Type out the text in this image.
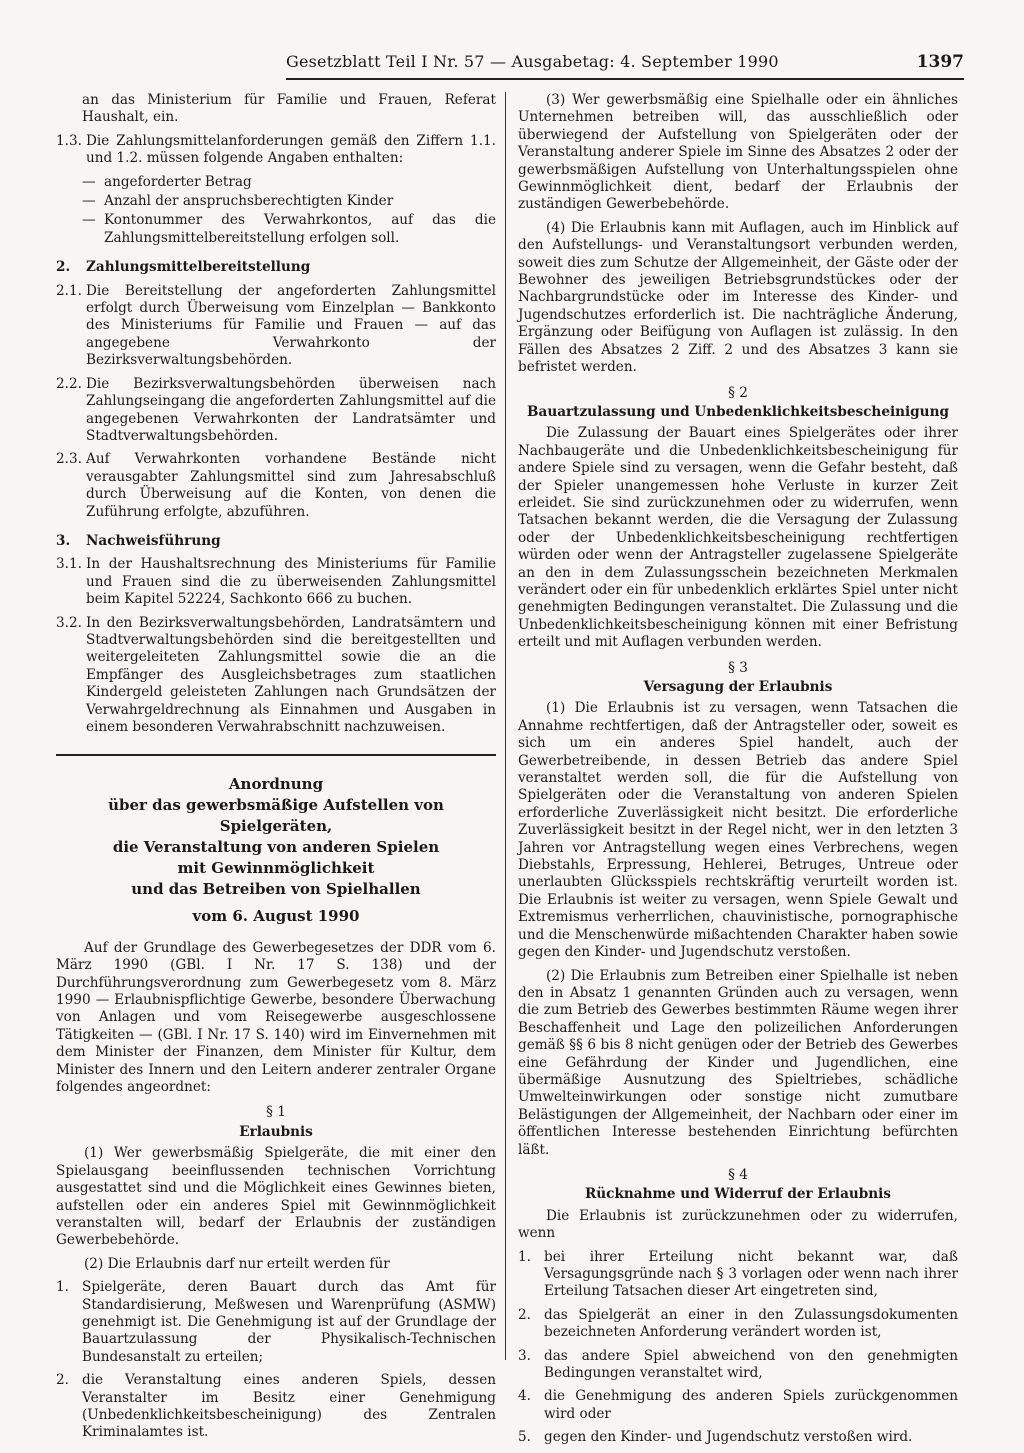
Gesetzblatt Teil I Nr. 57 — Ausgabetag: 4. September 1990	1397

an das Ministerium für Familie und Frauen, Referat Haushalt, ein.

1.3. Die Zahlungsmittelanforderungen gemäß den Ziffern 1.1. und 1.2. müssen folgende Angaben enthalten:
— angeforderter Betrag
— Anzahl der anspruchsberechtigten Kinder
— Kontonummer des Verwahrkontos, auf das die Zahlungsmittelbereitstellung erfolgen soll.
2.	Zahlungsmittelbereitstellung
2.1. Die Bereitstellung der angeforderten Zahlungsmittel erfolgt durch Überweisung vom Einzelplan — Bankkonto des Ministeriums für Familie und Frauen — auf das angegebene Verwahrkonto der Bezirksverwaltungsbehörden.
2.2. Die Bezirksverwaltungsbehörden überweisen nach Zahlungseingang die angeforderten Zahlungsmittel auf die angegebenen Verwahrkonten der Landratsämter und Stadtverwaltungsbehörden.
2.3. Auf Verwahrkonten vorhandene Bestände nicht verausgabter Zahlungsmittel sind zum Jahresabschluß durch Überweisung auf die Konten, von denen die Zuführung erfolgte, abzuführen.
3.	Nachweisführung
3.1. In der Haushaltsrechnung des Ministeriums für Familie und Frauen sind die zu überweisenden Zahlungsmittel beim Kapitel 52224, Sachkonto 666 zu buchen.
3.2. In den Bezirksverwaltungsbehörden, Landratsämtern und Stadtverwaltungsbehörden sind die bereitgestellten und weitergeleiteten Zahlungsmittel sowie die an die Empfänger des Ausgleichsbetrages zum staatlichen Kindergeld geleisteten Zahlungen nach Grundsätzen der Verwahrgeldrechnung als Einnahmen und Ausgaben in einem besonderen Verwahrabschnitt nachzuweisen.
Anordnung
über das gewerbsmäßige Aufstellen von Spielgeräten,
die Veranstaltung von anderen Spielen
mit Gewinnmöglichkeit
und das Betreiben von Spielhallen
vom 6. August 1990

Auf der Grundlage des Gewerbegesetzes der DDR vom 6. März 1990 (GBl. I Nr. 17 S. 138) und der Durchführungsverordnung zum Gewerbegesetz vom 8. März 1990 — Erlaubnispflichtige Gewerbe, besondere Überwachung von Anlagen und vom Reisegewerbe ausgeschlossene Tätigkeiten — (GBl. I Nr. 17 S. 140) wird im Einvernehmen mit dem Minister der Finanzen, dem Minister für Kultur, dem Minister des Innern und den Leitern anderer zentraler Organe folgendes angeordnet:

§ 1
Erlaubnis

(1) Wer gewerbsmäßig Spielgeräte, die mit einer den Spielausgang beeinflussenden technischen Vorrichtung ausgestattet sind und die Möglichkeit eines Gewinnes bieten, aufstellen oder ein anderes Spiel mit Gewinnmöglichkeit veranstalten will, bedarf der Erlaubnis der zuständigen Gewerbebehörde.

(2) Die Erlaubnis darf nur erteilt werden für

1. Spielgeräte, deren Bauart durch das Amt für Standardisierung, Meßwesen und Warenprüfung (ASMW) genehmigt ist. Die Genehmigung ist auf der Grundlage der Bauartzulassung der Physikalisch-Technischen Bundesanstalt zu erteilen;
2. die Veranstaltung eines anderen Spiels, dessen Veranstalter im Besitz einer Genehmigung (Unbedenklichkeitsbescheinigung) des Zentralen Kriminalamtes ist.

(3) Wer gewerbsmäßig eine Spielhalle oder ein ähnliches Unternehmen betreiben will, das ausschließlich oder überwiegend der Aufstellung von Spielgeräten oder der Veranstaltung anderer Spiele im Sinne des Absatzes 2 oder der gewerbsmäßigen Aufstellung von Unterhaltungsspielen ohne Gewinnmöglichkeit dient, bedarf der Erlaubnis der zuständigen Gewerbebehörde.

(4) Die Erlaubnis kann mit Auflagen, auch im Hinblick auf den Aufstellungs- und Veranstaltungsort verbunden werden, soweit dies zum Schutze der Allgemeinheit, der Gäste oder der Bewohner des jeweiligen Betriebsgrundstückes oder der Nachbargrundstücke oder im Interesse des Kinder- und Jugendschutzes erforderlich ist. Die nachträgliche Änderung, Ergänzung oder Beifügung von Auflagen ist zulässig. In den Fällen des Absatzes 2 Ziff. 2 und des Absatzes 3 kann sie befristet werden.

§ 2
Bauartzulassung und Unbedenklichkeitsbescheinigung

Die Zulassung der Bauart eines Spielgerätes oder ihrer Nachbaugeräte und die Unbedenklichkeitsbescheinigung für andere Spiele sind zu versagen, wenn die Gefahr besteht, daß der Spieler unangemessen hohe Verluste in kurzer Zeit erleidet. Sie sind zurückzunehmen oder zu widerrufen, wenn Tatsachen bekannt werden, die die Versagung der Zulassung oder der Unbedenklichkeitsbescheinigung rechtfertigen würden oder wenn der Antragsteller zugelassene Spielgeräte an den in dem Zulassungsschein bezeichneten Merkmalen verändert oder ein für unbedenklich erklärtes Spiel unter nicht genehmigten Bedingungen veranstaltet. Die Zulassung und die Unbedenklichkeitsbescheinigung können mit einer Befristung erteilt und mit Auflagen verbunden werden.

§ 3
Versagung der Erlaubnis

(1) Die Erlaubnis ist zu versagen, wenn Tatsachen die Annahme rechtfertigen, daß der Antragsteller oder, soweit es sich um ein anderes Spiel handelt, auch der Gewerbetreibende, in dessen Betrieb das andere Spiel veranstaltet werden soll, die für die Aufstellung von Spielgeräten oder die Veranstaltung von anderen Spielen erforderliche Zuverlässigkeit nicht besitzt. Die erforderliche Zuverlässigkeit besitzt in der Regel nicht, wer in den letzten 3 Jahren vor Antragstellung wegen eines Verbrechens, wegen Diebstahls, Erpressung, Hehlerei, Betruges, Untreue oder unerlaubten Glücksspiels rechtskräftig verurteilt worden ist. Die Erlaubnis ist weiter zu versagen, wenn Spiele Gewalt und Extremismus verherrlichen, chauvinistische, pornographische und die Menschenwürde mißachtenden Charakter haben sowie gegen den Kinder- und Jugendschutz verstoßen.

(2) Die Erlaubnis zum Betreiben einer Spielhalle ist neben den in Absatz 1 genannten Gründen auch zu versagen, wenn die zum Betrieb des Gewerbes bestimmten Räume wegen ihrer Beschaffenheit und Lage den polizeilichen Anforderungen gemäß §§ 6 bis 8 nicht genügen oder der Betrieb des Gewerbes eine Gefährdung der Kinder und Jugendlichen, eine übermäßige Ausnutzung des Spieltriebes, schädliche Umwelteinwirkungen oder sonstige nicht zumutbare Belästigungen der Allgemeinheit, der Nachbarn oder einer im öffentlichen Interesse bestehenden Einrichtung befürchten läßt.

§ 4
Rücknahme und Widerruf der Erlaubnis

Die Erlaubnis ist zurückzunehmen oder zu widerrufen, wenn

1. bei ihrer Erteilung nicht bekannt war, daß Versagungsgründe nach § 3 vorlagen oder wenn nach ihrer Erteilung Tatsachen dieser Art eingetreten sind,
2. das Spielgerät an einer in den Zulassungsdokumenten bezeichneten Anforderung verändert worden ist,
3. das andere Spiel abweichend von den genehmigten Bedingungen veranstaltet wird,
4. die Genehmigung des anderen Spiels zurückgenommen wird oder
5. gegen den Kinder- und Jugendschutz verstoßen wird.
